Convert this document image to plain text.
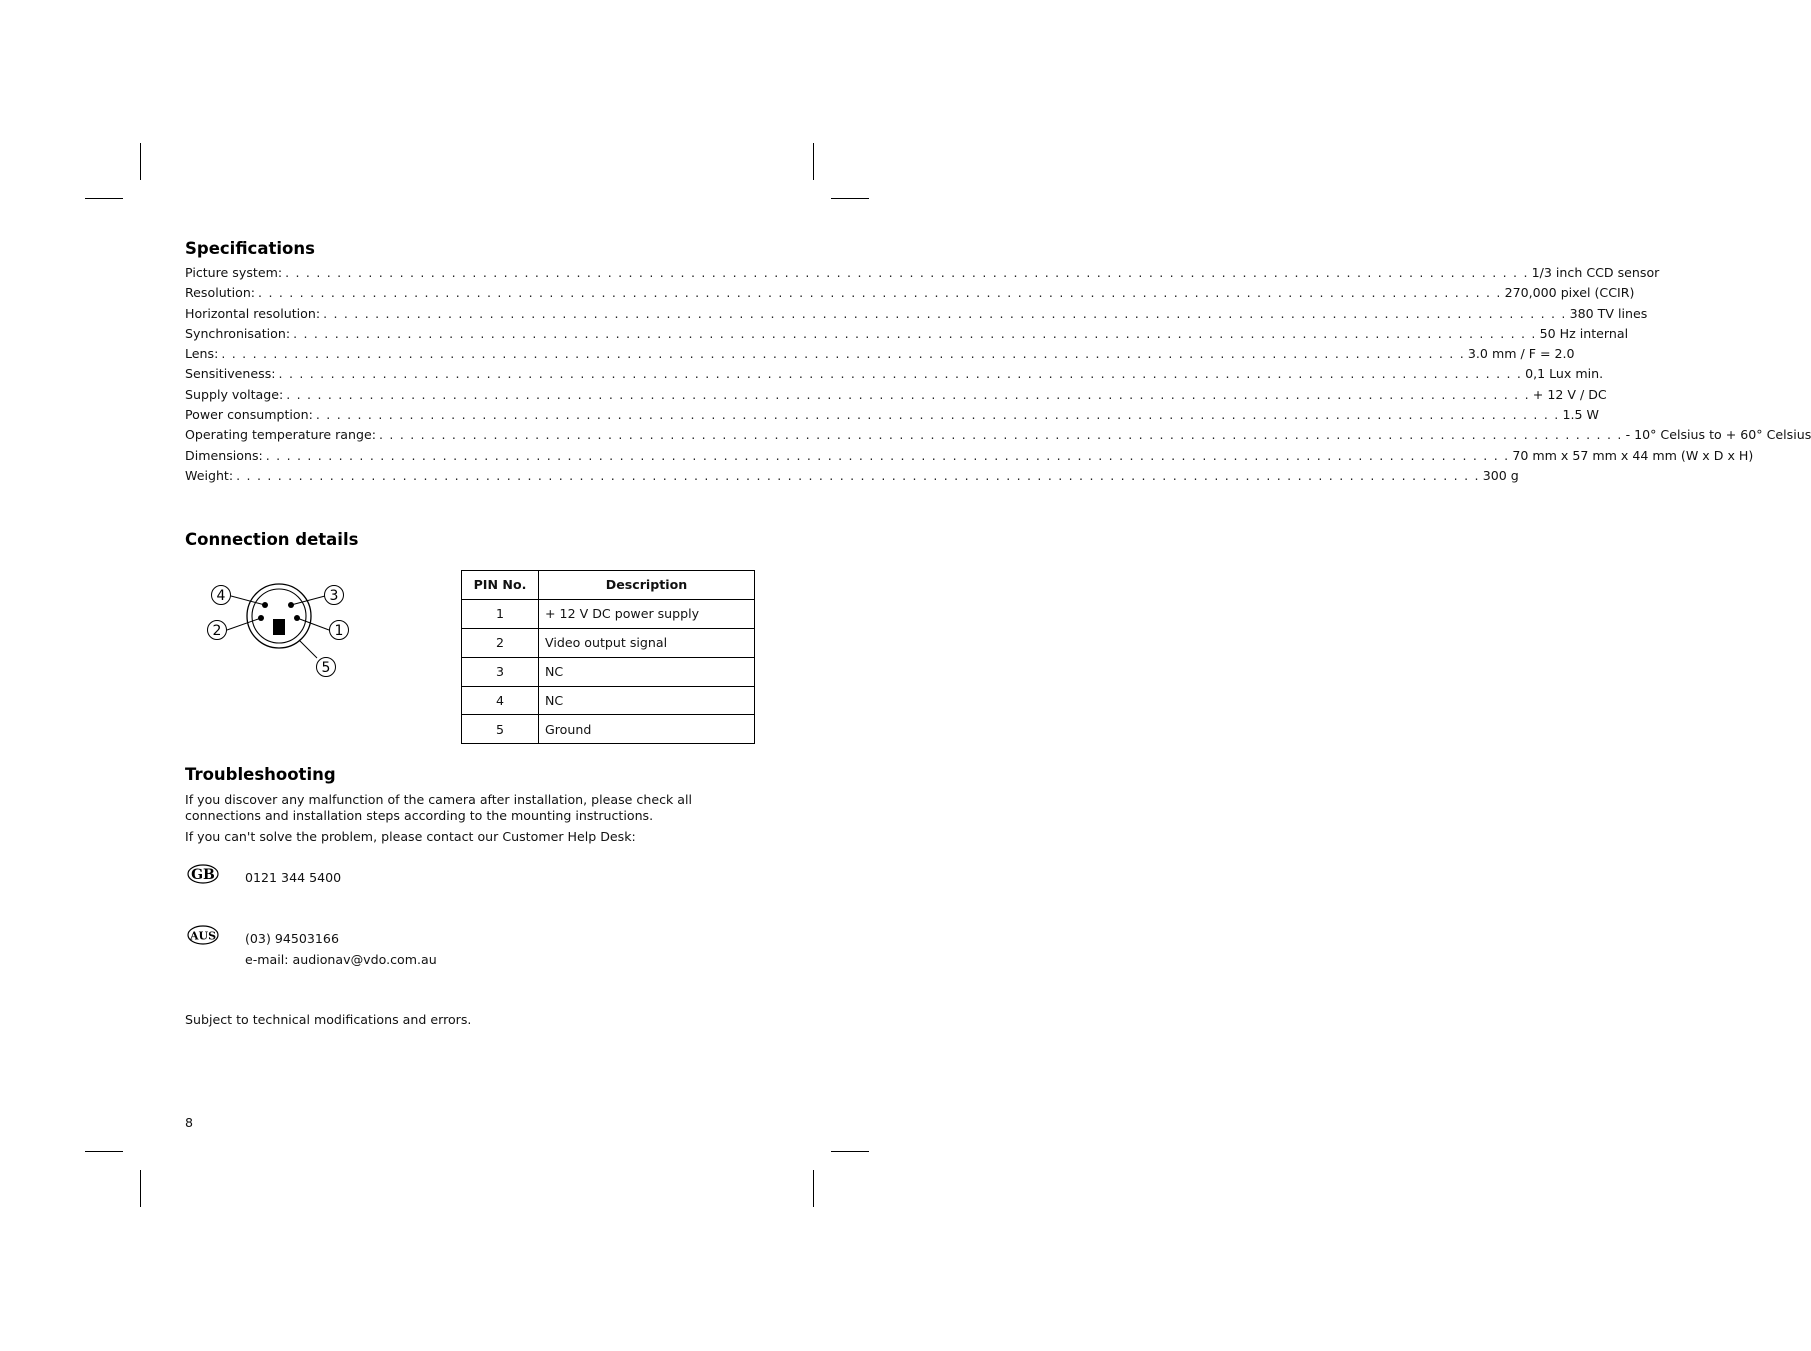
Specifications
Picture system: . . . . . . . . . . . . . . . . . . . . . . . . . . . . . . . . . . . . . . . . . . . . . . . . . . . . . . . . . . . . . . . . . . . . . . . . . . . . . . . . . . . . . . . . . . . . . . . . . . . . . . . . . . . . . . . . . . . . . . . . 1/3 inch CCD sensor
Resolution: . . . . . . . . . . . . . . . . . . . . . . . . . . . . . . . . . . . . . . . . . . . . . . . . . . . . . . . . . . . . . . . . . . . . . . . . . . . . . . . . . . . . . . . . . . . . . . . . . . . . . . . . . . . . . . . . . . . . . . . . 270,000 pixel (CCIR)
Horizontal resolution: . . . . . . . . . . . . . . . . . . . . . . . . . . . . . . . . . . . . . . . . . . . . . . . . . . . . . . . . . . . . . . . . . . . . . . . . . . . . . . . . . . . . . . . . . . . . . . . . . . . . . . . . . . . . . . . . . . . . . . . . 380 TV lines
Synchronisation: . . . . . . . . . . . . . . . . . . . . . . . . . . . . . . . . . . . . . . . . . . . . . . . . . . . . . . . . . . . . . . . . . . . . . . . . . . . . . . . . . . . . . . . . . . . . . . . . . . . . . . . . . . . . . . . . . . . . . . . . 50 Hz internal
Lens: . . . . . . . . . . . . . . . . . . . . . . . . . . . . . . . . . . . . . . . . . . . . . . . . . . . . . . . . . . . . . . . . . . . . . . . . . . . . . . . . . . . . . . . . . . . . . . . . . . . . . . . . . . . . . . . . . . . . . . . . 3.0 mm / F = 2.0
Sensitiveness: . . . . . . . . . . . . . . . . . . . . . . . . . . . . . . . . . . . . . . . . . . . . . . . . . . . . . . . . . . . . . . . . . . . . . . . . . . . . . . . . . . . . . . . . . . . . . . . . . . . . . . . . . . . . . . . . . . . . . . . . 0,1 Lux min.
Supply voltage: . . . . . . . . . . . . . . . . . . . . . . . . . . . . . . . . . . . . . . . . . . . . . . . . . . . . . . . . . . . . . . . . . . . . . . . . . . . . . . . . . . . . . . . . . . . . . . . . . . . . . . . . . . . . . . . . . . . . . . . . + 12 V / DC
Power consumption: . . . . . . . . . . . . . . . . . . . . . . . . . . . . . . . . . . . . . . . . . . . . . . . . . . . . . . . . . . . . . . . . . . . . . . . . . . . . . . . . . . . . . . . . . . . . . . . . . . . . . . . . . . . . . . . . . . . . . . . . 1.5 W
Operating temperature range: . . . . . . . . . . . . . . . . . . . . . . . . . . . . . . . . . . . . . . . . . . . . . . . . . . . . . . . . . . . . . . . . . . . . . . . . . . . . . . . . . . . . . . . . . . . . . . . . . . . . . . . . . . . . . . . . . . . . . . . . - 10° Celsius to + 60° Celsius
Dimensions: . . . . . . . . . . . . . . . . . . . . . . . . . . . . . . . . . . . . . . . . . . . . . . . . . . . . . . . . . . . . . . . . . . . . . . . . . . . . . . . . . . . . . . . . . . . . . . . . . . . . . . . . . . . . . . . . . . . . . . . . 70 mm x 57 mm x 44 mm (W x D x H)
Weight: . . . . . . . . . . . . . . . . . . . . . . . . . . . . . . . . . . . . . . . . . . . . . . . . . . . . . . . . . . . . . . . . . . . . . . . . . . . . . . . . . . . . . . . . . . . . . . . . . . . . . . . . . . . . . . . . . . . . . . . . 300 g
Connection details
4	3
2	1
5
PIN No.	Description
1	+ 12 V DC power supply
2	Video output signal
3	NC
4	NC
5	Ground
Troubleshooting

If you discover any malfunction of the camera after installation, please check all
connections and installation steps according to the mounting instructions.

If you can't solve the problem, please contact our Customer Help Desk:

GB 0121 344 5400
AUS (03) 94503166
e-mail: audionav@vdo.com.au

Subject to technical modifications and errors.

8
